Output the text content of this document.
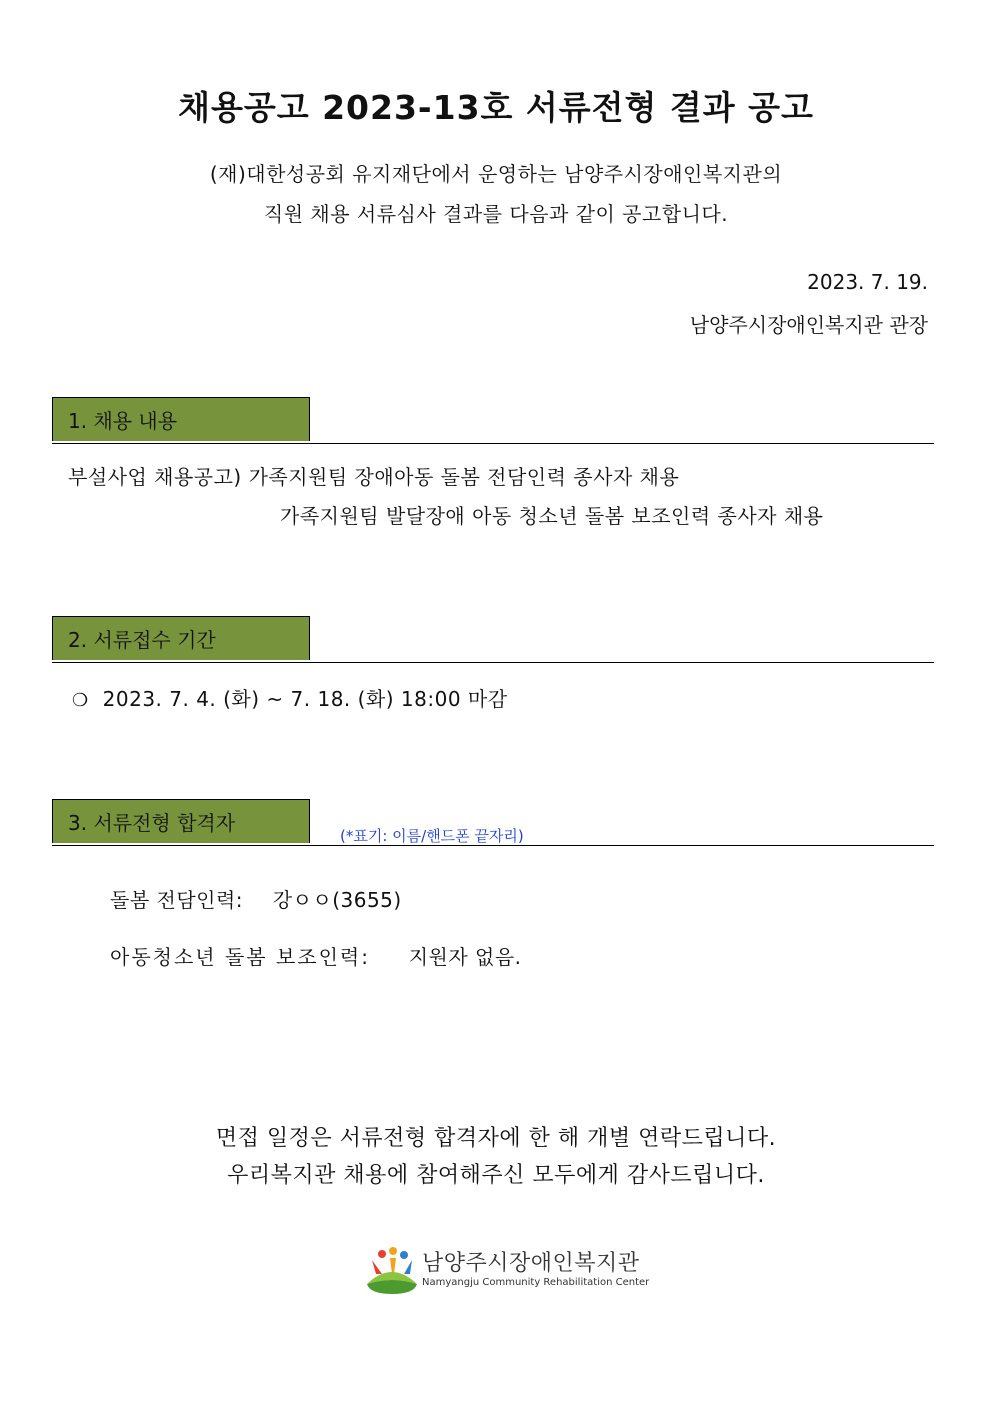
채용공고 2023-13호 서류전형 결과 공고
(재)대한성공회 유지재단에서 운영하는 남양주시장애인복지관의
직원 채용 서류심사 결과를 다음과 같이 공고합니다.
2023. 7. 19.
남양주시장애인복지관 관장
1. 채용 내용
부설사업 채용공고) 가족지원팀 장애아동 돌봄 전담인력 종사자 채용
가족지원팀 발달장애 아동 청소년 돌봄 보조인력 종사자 채용
2. 서류접수 기간
❍ 2023. 7. 4. (화) ~ 7. 18. (화) 18:00 마감
3. 서류전형 합격자
(*표기: 이름/핸드폰 끝자리)
돌봄 전담인력: 강ㅇㅇ(3655)
아동청소년 돌봄 보조인력: 지원자 없음.
면접 일정은 서류전형 합격자에 한 해 개별 연락드립니다.
우리복지관 채용에 참여해주신 모두에게 감사드립니다.
남양주시장애인복지관
Namyangju Community Rehabilitation Center
